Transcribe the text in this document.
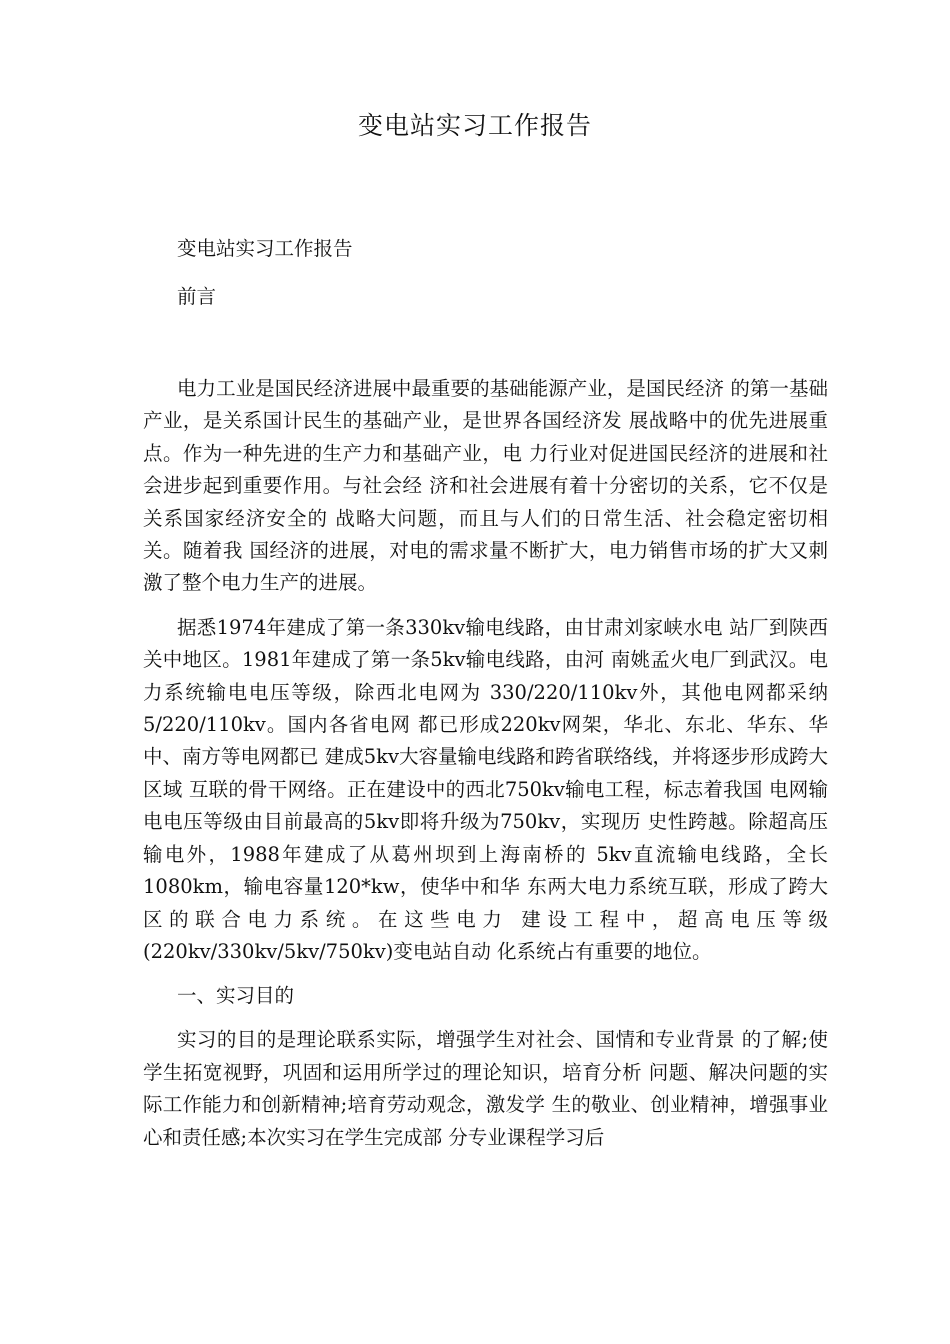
变电站实习工作报告

变电站实习工作报告

前言

电力工业是国民经济进展中最重要的基础能源产业，是国民经济 的第一基础产业，是关系国计民生的基础产业，是世界各国经济发 展战略中的优先进展重点。作为一种先进的生产力和基础产业，电 力行业对促进国民经济的进展和社会进步起到重要作用。与社会经 济和社会进展有着十分密切的关系，它不仅是关系国家经济安全的 战略大问题，而且与人们的日常生活、社会稳定密切相关。随着我 国经济的进展，对电的需求量不断扩大，电力销售市场的扩大又刺 激了整个电力生产的进展。

据悉1974年建成了第一条330kv输电线路，由甘肃刘家峡水电 站厂到陕西关中地区。1981年建成了第一条5kv输电线路，由河 南姚孟火电厂到武汉。电力系统输电电压等级，除西北电网为 330/220/110kv外，其他电网都采纳5/220/110kv。国内各省电网 都已形成220kv网架，华北、东北、华东、华中、南方等电网都已 建成5kv大容量输电线路和跨省联络线，并将逐步形成跨大区域 互联的骨干网络。正在建设中的西北750kv输电工程，标志着我国 电网输电电压等级由目前最高的5kv即将升级为750kv，实现历 史性跨越。除超高压输电外，1988年建成了从葛州坝到上海南桥的 5kv直流输电线路，全长1080km，输电容量120*kw，使华中和华 东两大电力系统互联，形成了跨大区的联合电力系统。在这些电力 建设工程中，超高电压等级(220kv/330kv/5kv/750kv)变电站自动 化系统占有重要的地位。

一、实习目的

实习的目的是理论联系实际，增强学生对社会、国情和专业背景 的了解;使学生拓宽视野，巩固和运用所学过的理论知识，培育分析 问题、解决问题的实际工作能力和创新精神;培育劳动观念，激发学 生的敬业、创业精神，增强事业心和责任感;本次实习在学生完成部 分专业课程学习后
